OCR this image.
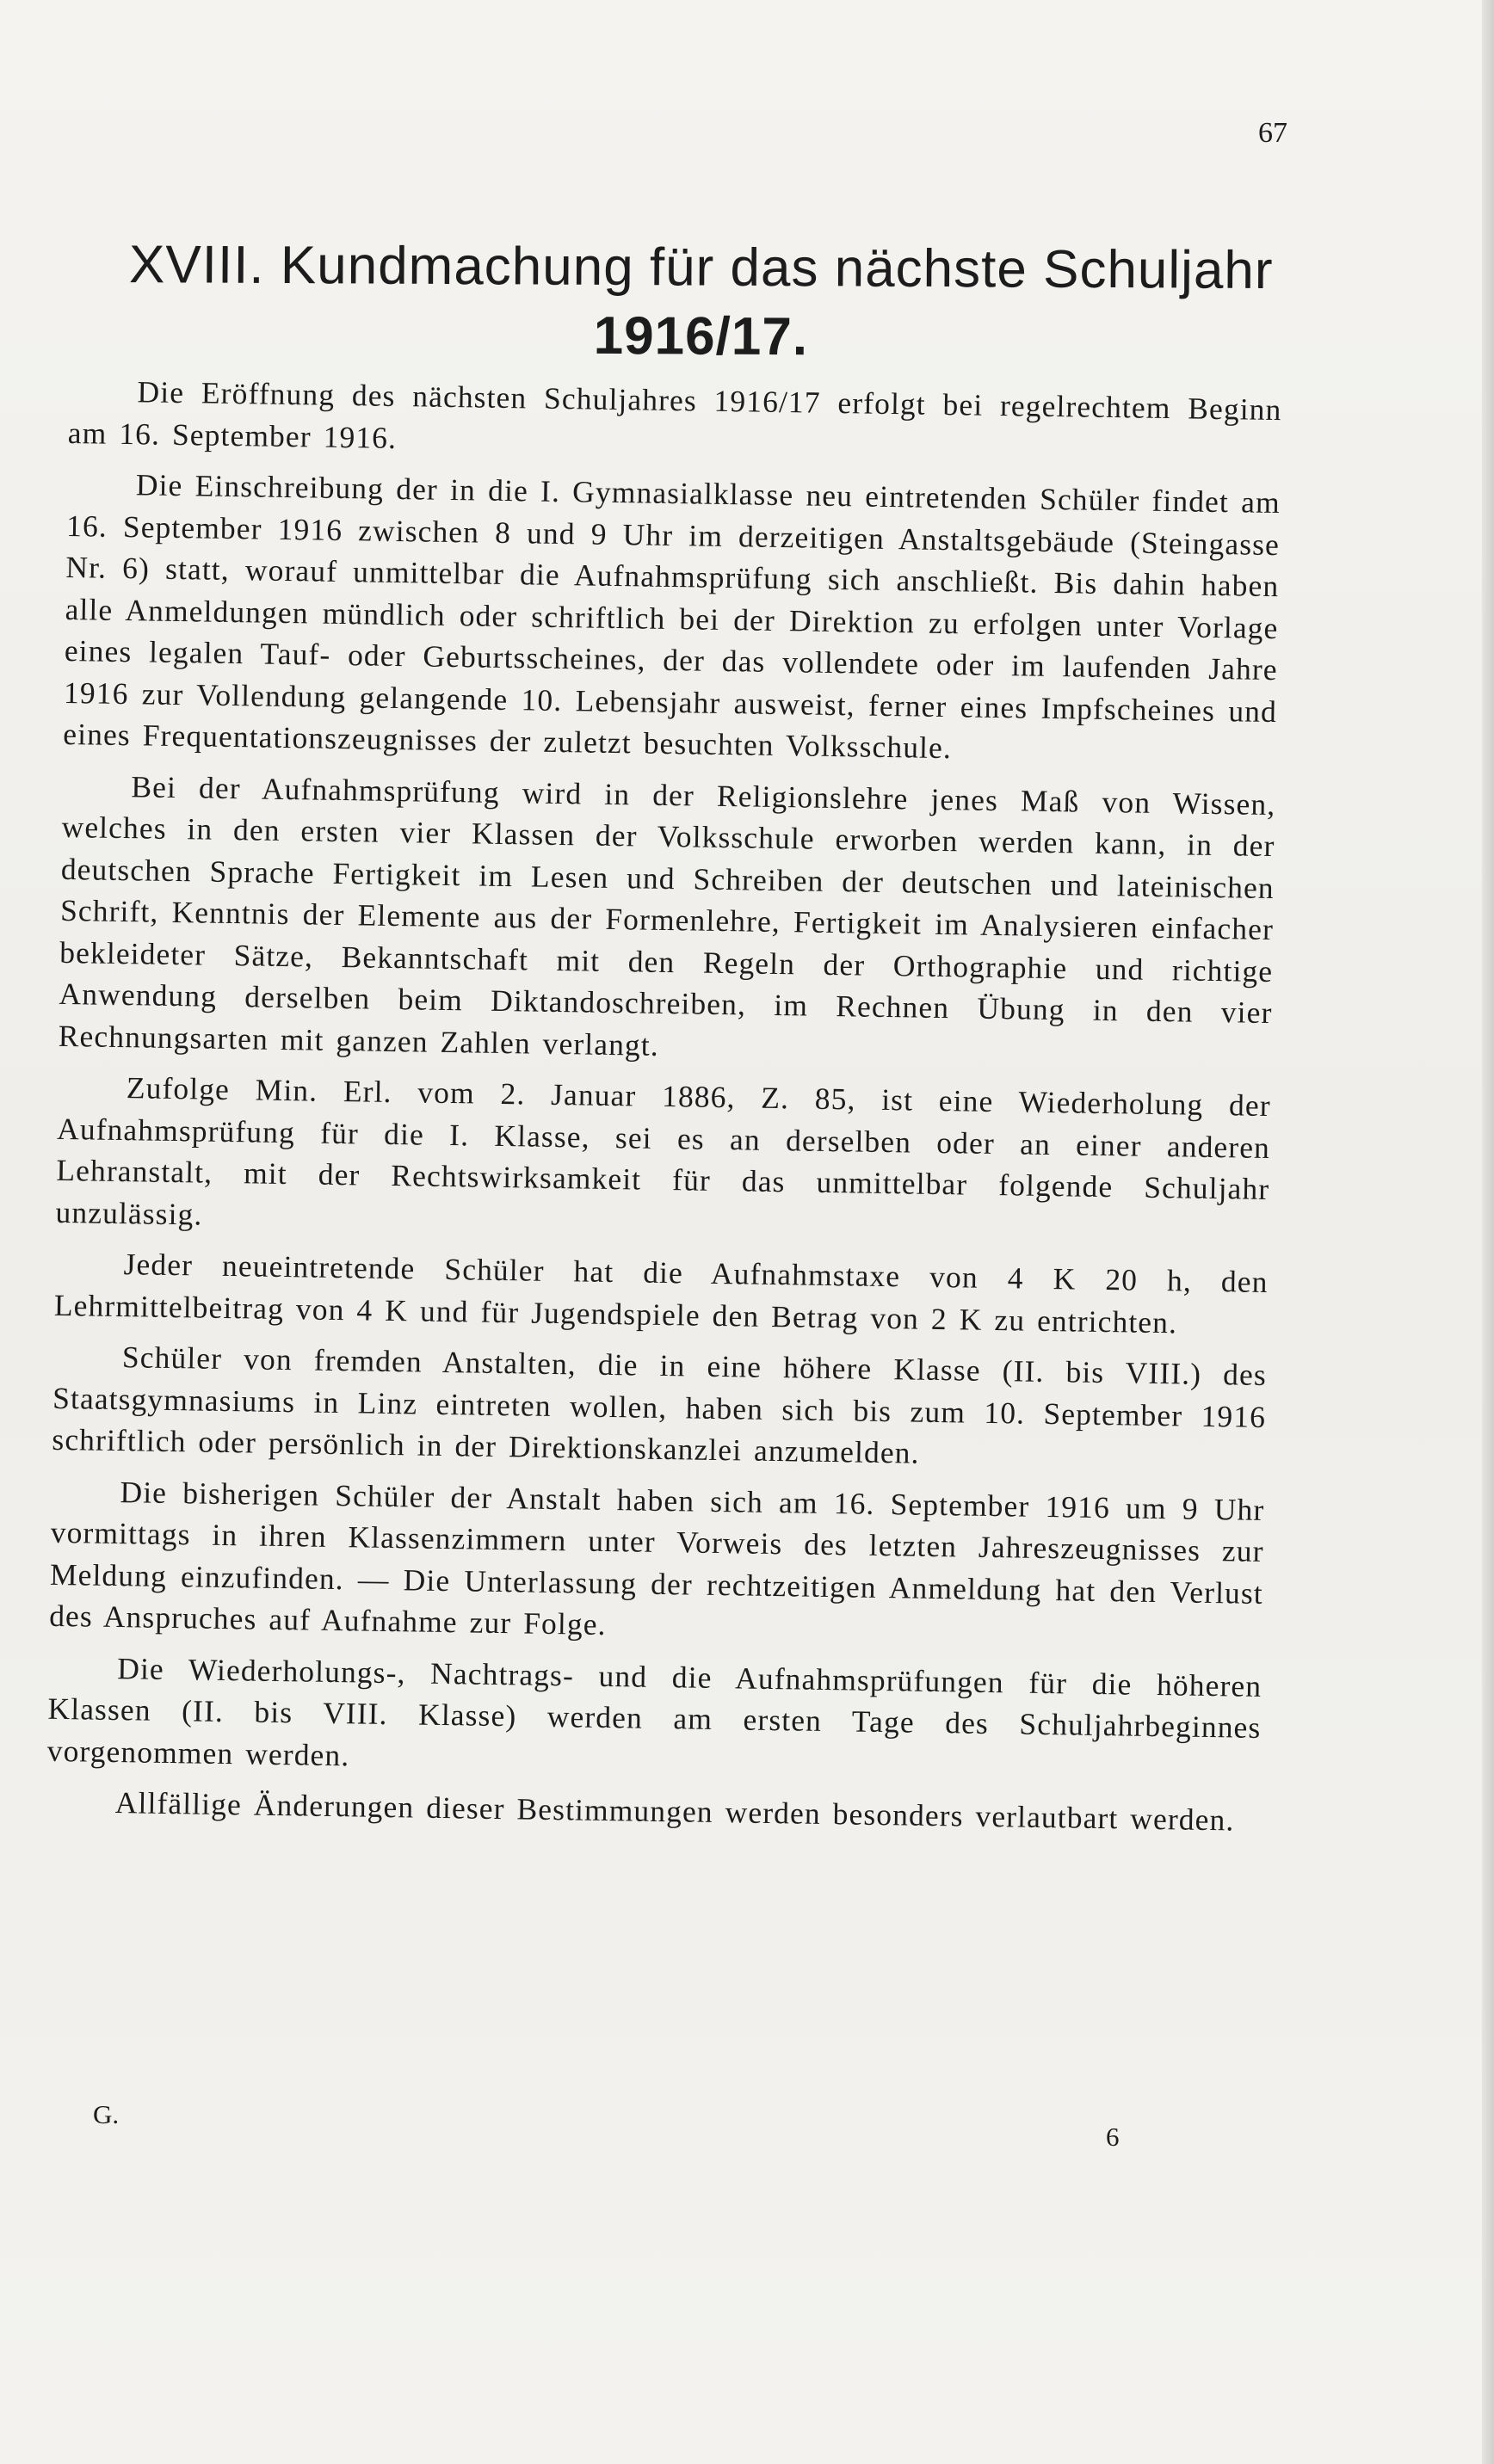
67
XVIII. Kundmachung für das nächste Schuljahr
1916/17.

Die Eröffnung des nächsten Schuljahres 1916/17 erfolgt bei regelrechtem Beginn am 16. September 1916.

Die Einschreibung der in die I. Gymnasialklasse neu eintretenden Schüler findet am 16. September 1916 zwischen 8 und 9 Uhr im derzeitigen Anstaltsgebäude (Steingasse Nr. 6) statt, worauf unmittelbar die Aufnahmsprüfung sich anschließt. Bis dahin haben alle Anmeldungen mündlich oder schriftlich bei der Direktion zu erfolgen unter Vorlage eines legalen Tauf- oder Geburtsscheines, der das vollendete oder im laufenden Jahre 1916 zur Vollendung gelangende 10. Lebensjahr ausweist, ferner eines Impfscheines und eines Frequentationszeugnisses der zuletzt besuchten Volksschule.

Bei der Aufnahmsprüfung wird in der Religionslehre jenes Maß von Wissen, welches in den ersten vier Klassen der Volksschule erworben werden kann, in der deutschen Sprache Fertigkeit im Lesen und Schreiben der deutschen und lateinischen Schrift, Kenntnis der Elemente aus der Formenlehre, Fertigkeit im Analysieren einfacher bekleideter Sätze, Bekanntschaft mit den Regeln der Orthographie und richtige Anwendung derselben beim Diktandoschreiben, im Rechnen Übung in den vier Rechnungsarten mit ganzen Zahlen verlangt.

Zufolge Min. Erl. vom 2. Januar 1886, Z. 85, ist eine Wiederholung der Aufnahmsprüfung für die I. Klasse, sei es an derselben oder an einer anderen Lehranstalt, mit der Rechtswirksamkeit für das unmittelbar folgende Schuljahr unzulässig.

Jeder neueintretende Schüler hat die Aufnahmstaxe von 4 K 20 h, den Lehrmittelbeitrag von 4 K und für Jugendspiele den Betrag von 2 K zu entrichten.

Schüler von fremden Anstalten, die in eine höhere Klasse (II. bis VIII.) des Staatsgymnasiums in Linz eintreten wollen, haben sich bis zum 10. September 1916 schriftlich oder persönlich in der Direktionskanzlei anzumelden.

Die bisherigen Schüler der Anstalt haben sich am 16. September 1916 um 9 Uhr vormittags in ihren Klassenzimmern unter Vorweis des letzten Jahreszeugnisses zur Meldung einzufinden. — Die Unterlassung der rechtzeitigen Anmeldung hat den Verlust des Anspruches auf Aufnahme zur Folge.

Die Wiederholungs-, Nachtrags- und die Aufnahmsprüfungen für die höheren Klassen (II. bis VIII. Klasse) werden am ersten Tage des Schuljahrbeginnes vorgenommen werden.

Allfällige Änderungen dieser Bestimmungen werden besonders verlautbart werden.

G.
6
